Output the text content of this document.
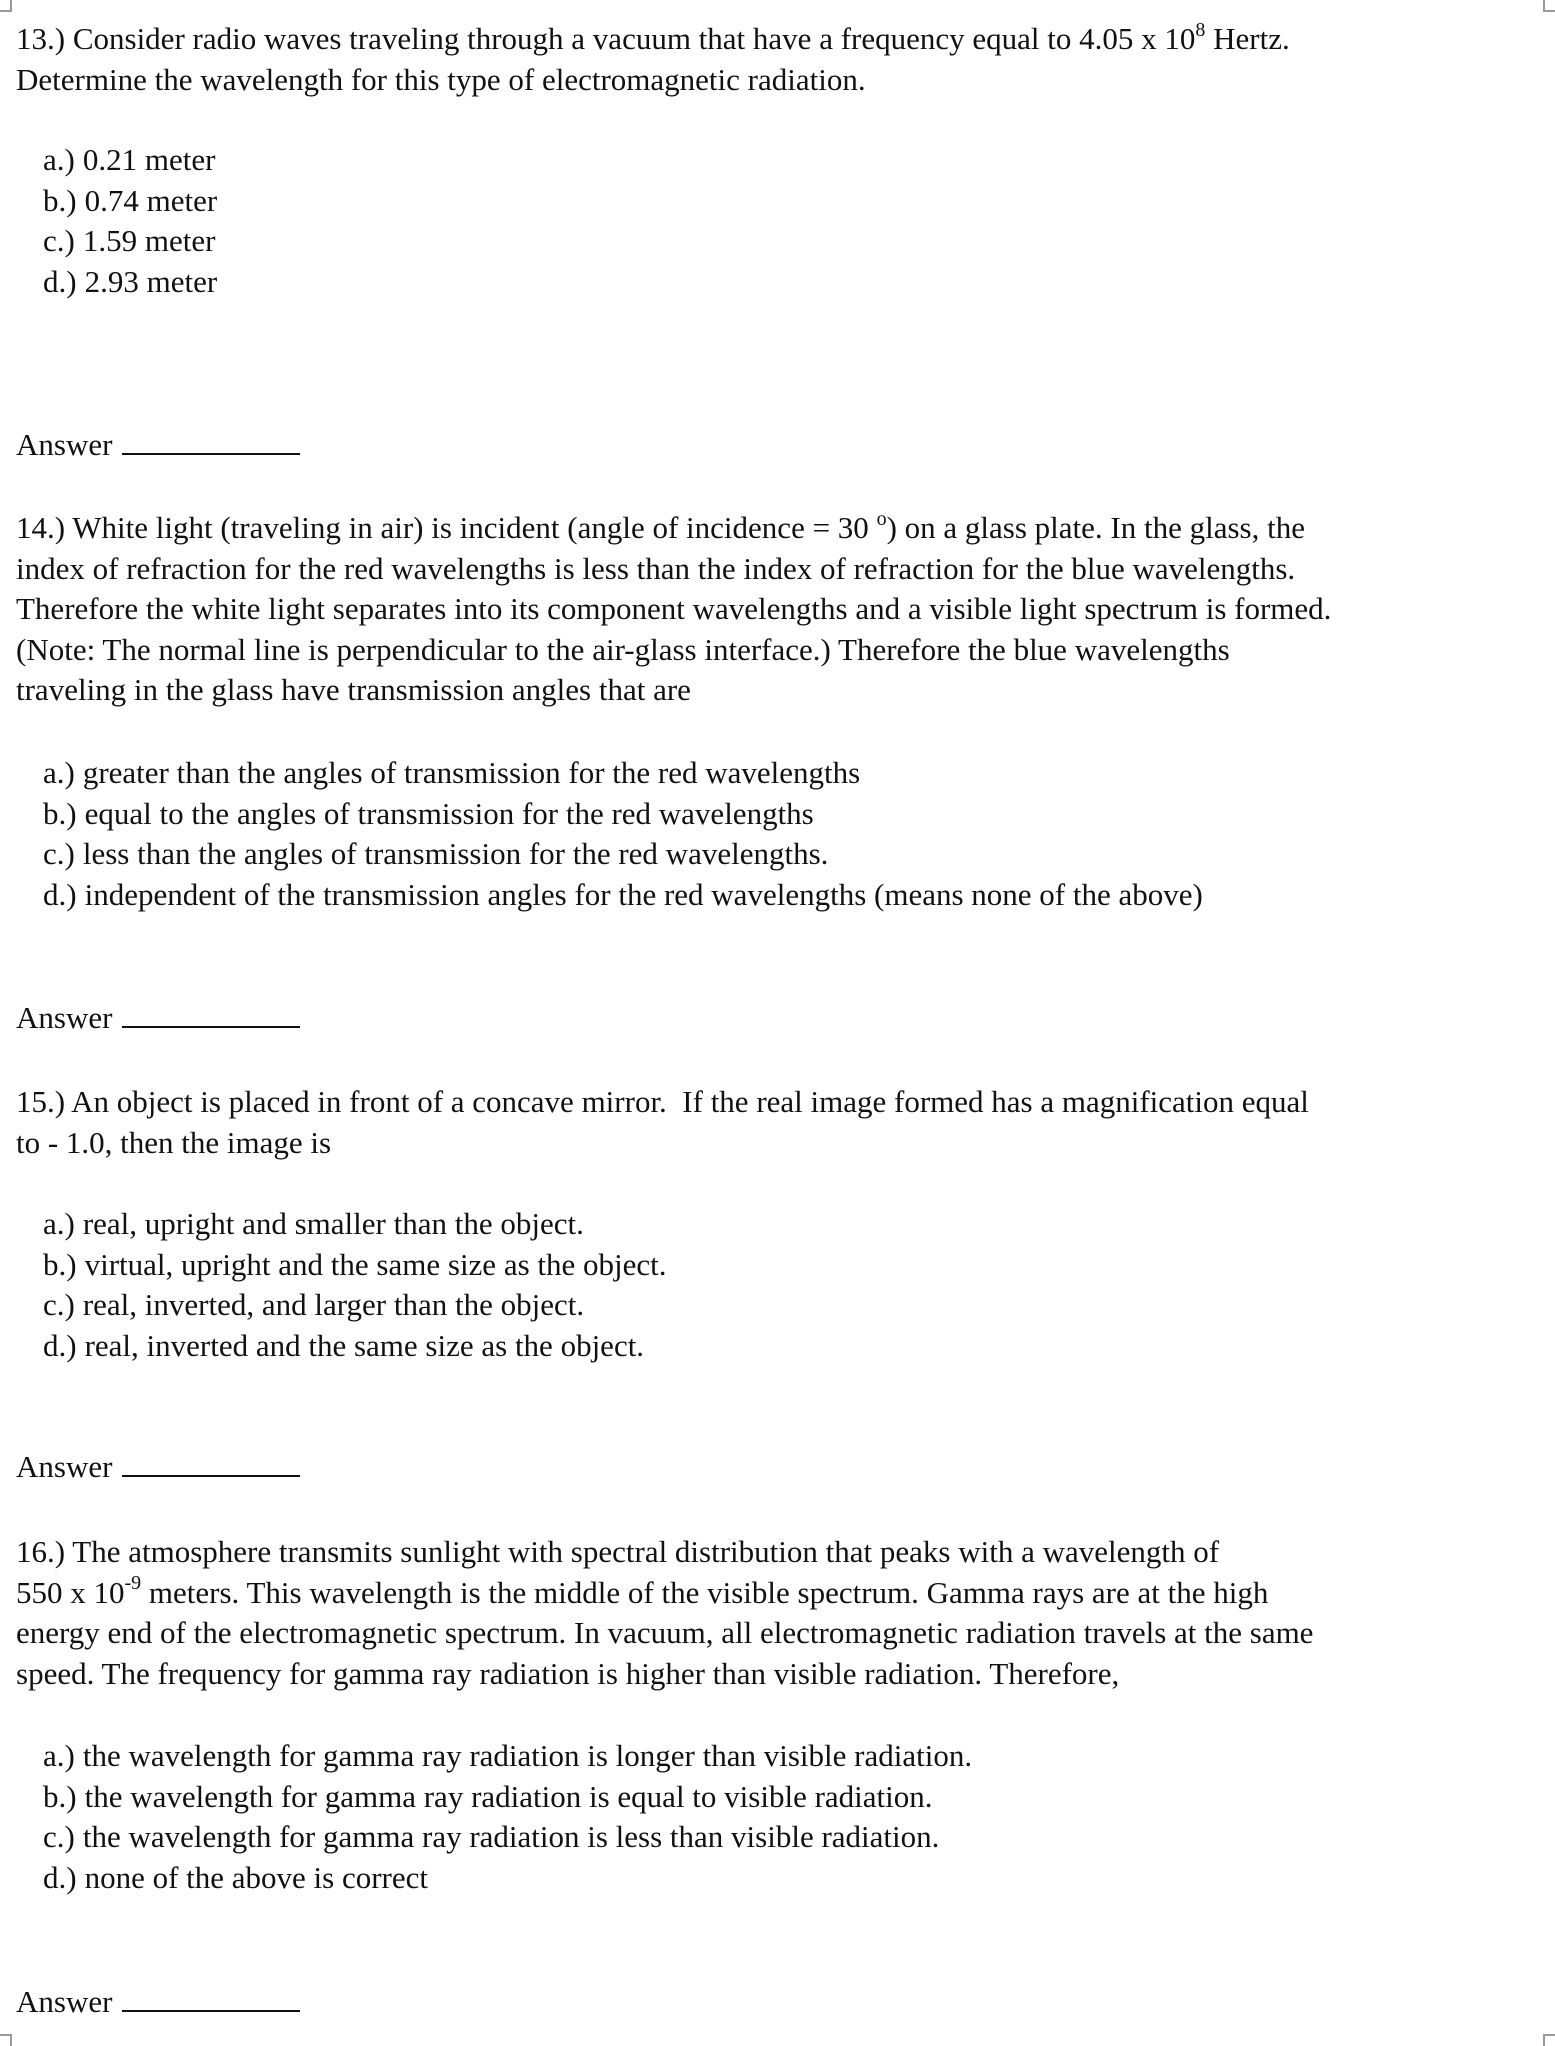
13.) Consider radio waves traveling through a vacuum that have a frequency equal to 4.05 x $10^8$ Hertz.
Determine the wavelength for this type of electromagnetic radiation.

a.) 0.21 meter
b.) 0.74 meter
c.) 1.59 meter
d.) 2.93 meter
Answer

14.) White light (traveling in air) is incident (angle of incidence = 30 $^o$) on a glass plate. In the glass, the
index of refraction for the red wavelengths is less than the index of refraction for the blue wavelengths.
Therefore the white light separates into its component wavelengths and a visible light spectrum is formed.
(Note: The normal line is perpendicular to the air-glass interface.) Therefore the blue wavelengths
traveling in the glass have transmission angles that are

a.) greater than the angles of transmission for the red wavelengths
b.) equal to the angles of transmission for the red wavelengths
c.) less than the angles of transmission for the red wavelengths.
d.) independent of the transmission angles for the red wavelengths (means none of the above)
Answer

15.) An object is placed in front of a concave mirror.  If the real image formed has a magnification equal
to - 1.0, then the image is

a.) real, upright and smaller than the object.
b.) virtual, upright and the same size as the object.
c.) real, inverted, and larger than the object.
d.) real, inverted and the same size as the object.
Answer

16.) The atmosphere transmits sunlight with spectral distribution that peaks with a wavelength of
550 x $10^{-9}$ meters. This wavelength is the middle of the visible spectrum. Gamma rays are at the high
energy end of the electromagnetic spectrum. In vacuum, all electromagnetic radiation travels at the same
speed. The frequency for gamma ray radiation is higher than visible radiation. Therefore,

a.) the wavelength for gamma ray radiation is longer than visible radiation.
b.) the wavelength for gamma ray radiation is equal to visible radiation.
c.) the wavelength for gamma ray radiation is less than visible radiation.
d.) none of the above is correct
Answer
